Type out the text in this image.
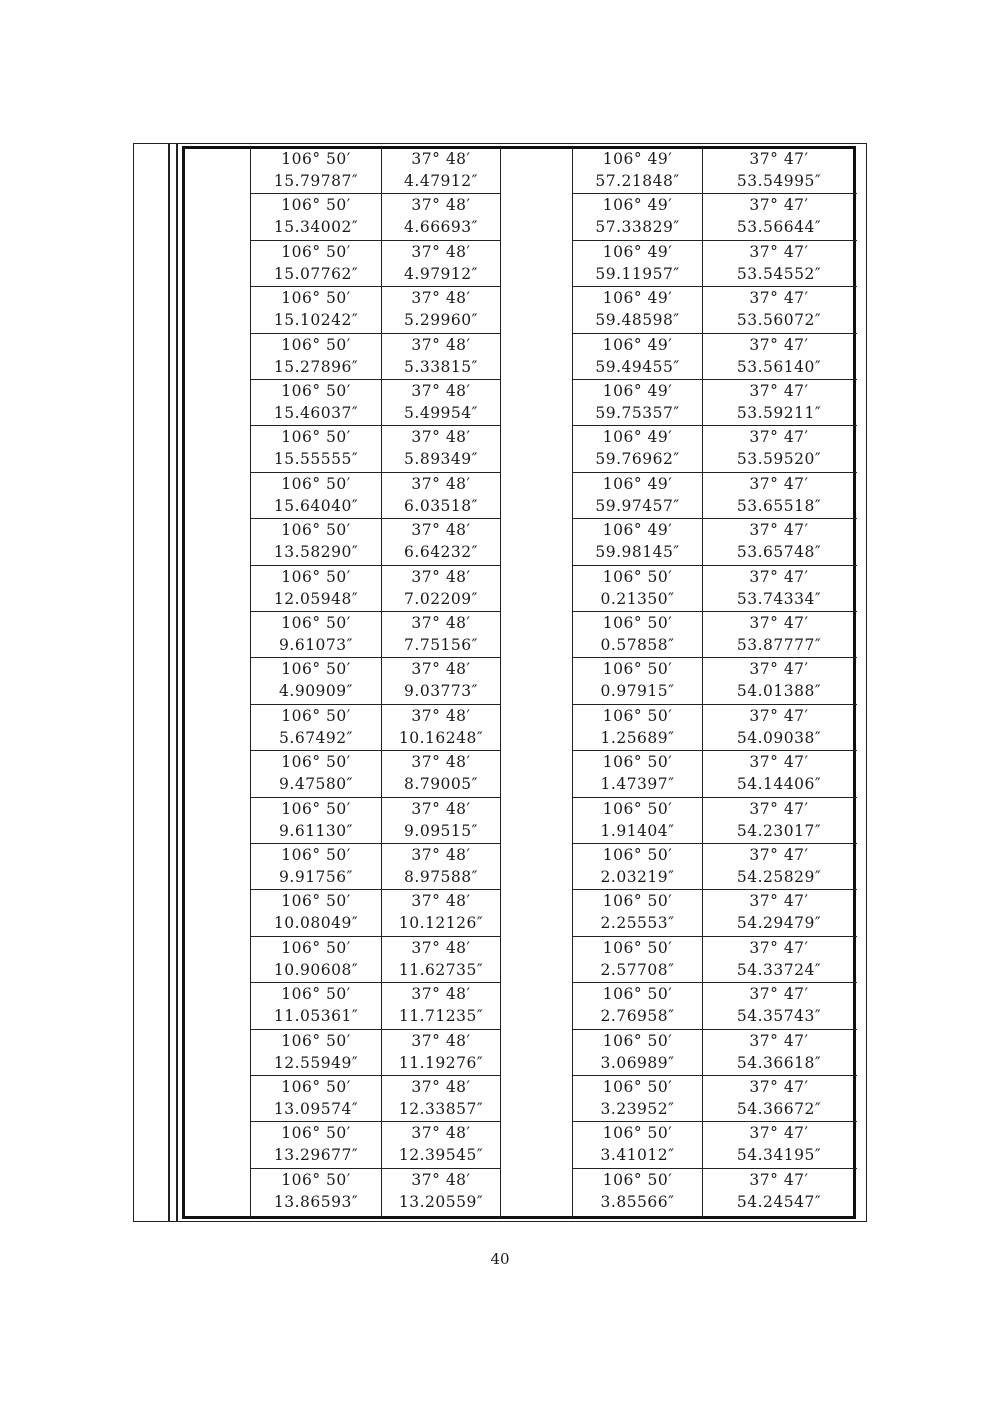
106° 50′
15.79787″
37° 48′
4.47912″
106° 49′
57.21848″
37° 47′
53.54995″
106° 50′
15.34002″
37° 48′
4.66693″
106° 49′
57.33829″
37° 47′
53.56644″
106° 50′
15.07762″
37° 48′
4.97912″
106° 49′
59.11957″
37° 47′
53.54552″
106° 50′
15.10242″
37° 48′
5.29960″
106° 49′
59.48598″
37° 47′
53.56072″
106° 50′
15.27896″
37° 48′
5.33815″
106° 49′
59.49455″
37° 47′
53.56140″
106° 50′
15.46037″
37° 48′
5.49954″
106° 49′
59.75357″
37° 47′
53.59211″
106° 50′
15.55555″
37° 48′
5.89349″
106° 49′
59.76962″
37° 47′
53.59520″
106° 50′
15.64040″
37° 48′
6.03518″
106° 49′
59.97457″
37° 47′
53.65518″
106° 50′
13.58290″
37° 48′
6.64232″
106° 49′
59.98145″
37° 47′
53.65748″
106° 50′
12.05948″
37° 48′
7.02209″
106° 50′
0.21350″
37° 47′
53.74334″
106° 50′
9.61073″
37° 48′
7.75156″
106° 50′
0.57858″
37° 47′
53.87777″
106° 50′
4.90909″
37° 48′
9.03773″
106° 50′
0.97915″
37° 47′
54.01388″
106° 50′
5.67492″
37° 48′
10.16248″
106° 50′
1.25689″
37° 47′
54.09038″
106° 50′
9.47580″
37° 48′
8.79005″
106° 50′
1.47397″
37° 47′
54.14406″
106° 50′
9.61130″
37° 48′
9.09515″
106° 50′
1.91404″
37° 47′
54.23017″
106° 50′
9.91756″
37° 48′
8.97588″
106° 50′
2.03219″
37° 47′
54.25829″
106° 50′
10.08049″
37° 48′
10.12126″
106° 50′
2.25553″
37° 47′
54.29479″
106° 50′
10.90608″
37° 48′
11.62735″
106° 50′
2.57708″
37° 47′
54.33724″
106° 50′
11.05361″
37° 48′
11.71235″
106° 50′
2.76958″
37° 47′
54.35743″
106° 50′
12.55949″
37° 48′
11.19276″
106° 50′
3.06989″
37° 47′
54.36618″
106° 50′
13.09574″
37° 48′
12.33857″
106° 50′
3.23952″
37° 47′
54.36672″
106° 50′
13.29677″
37° 48′
12.39545″
106° 50′
3.41012″
37° 47′
54.34195″
106° 50′
13.86593″
37° 48′
13.20559″
106° 50′
3.85566″
37° 47′
54.24547″
40
